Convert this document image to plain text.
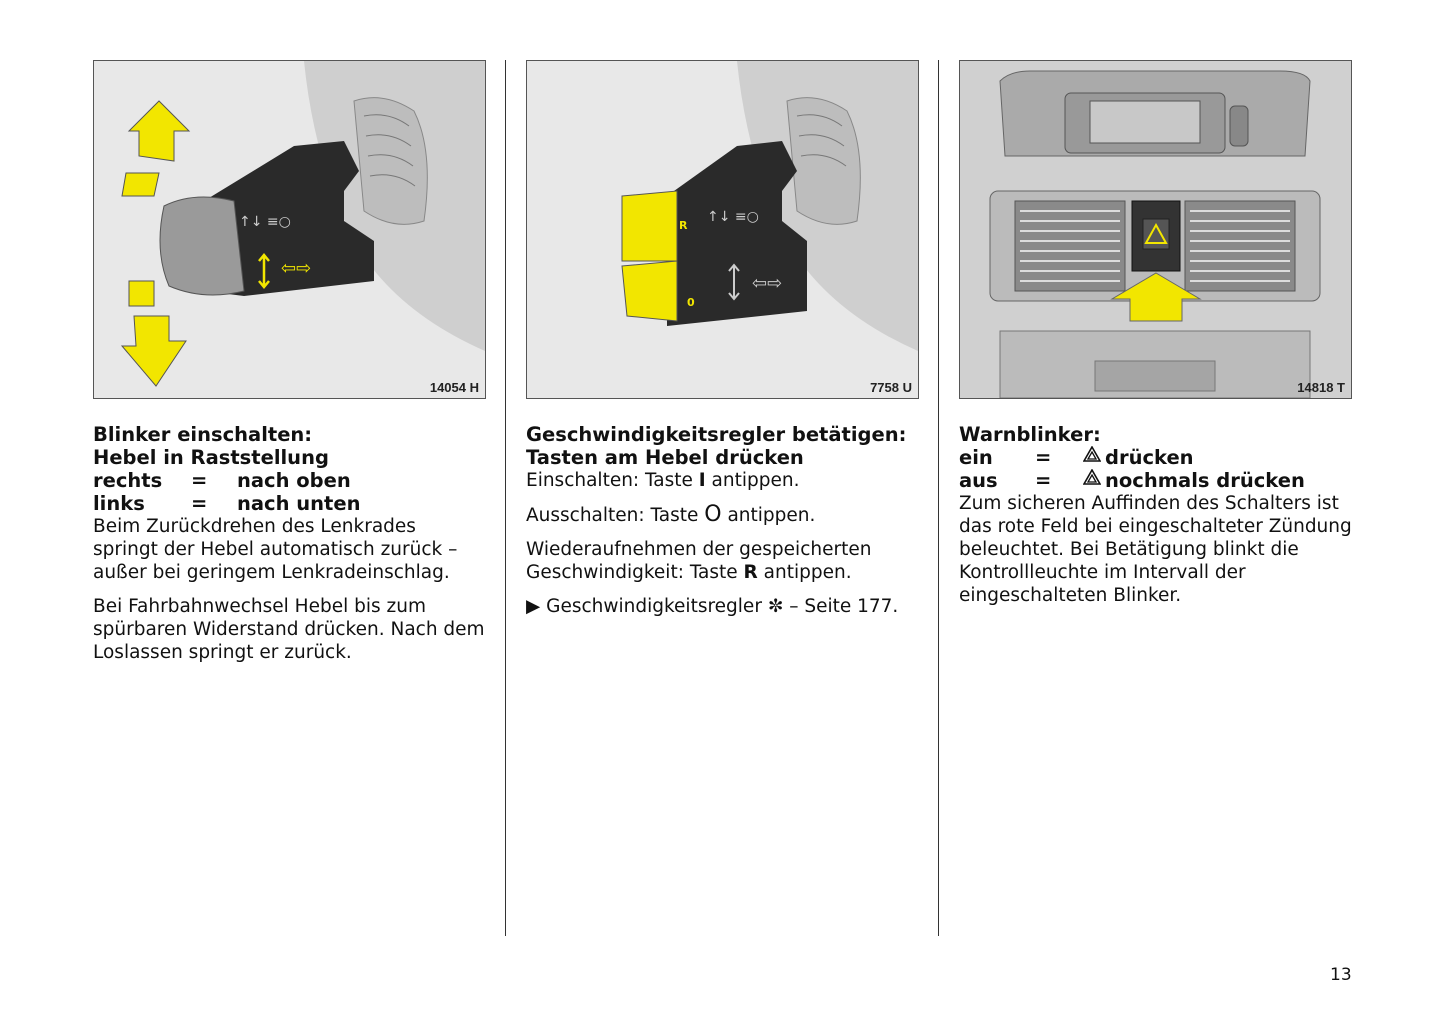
↑↓ ≡○
⇦⇨
14054 H

Blinker einschalten:

Hebel in Raststellung

rechts	=	nach oben
links	=	nach unten

Beim Zurückdrehen des Lenkrades springt der Hebel automatisch zurück – außer bei geringem Lenkradeinschlag.

Bei Fahrbahnwechsel Hebel bis zum spürbaren Widerstand drücken. Nach dem Loslassen springt er zurück.

I
R
0
↑↓ ≡○
⇦⇨
7758 U

Geschwindigkeitsregler betätigen:

Tasten am Hebel drücken

Einschalten: Taste I antippen.

Ausschalten: Taste O antippen.

Wiederaufnehmen der gespeicherten
Geschwindigkeit: Taste R antippen.

▶ Geschwindigkeitsregler ✼ – Seite 177.

14818 T

Warnblinker:

ein	=	drücken
aus	=	nochmals drücken

Zum sicheren Auffinden des Schalters ist das rote Feld bei eingeschalteter Zündung beleuchtet. Bei Betätigung blinkt die Kontrollleuchte im Intervall der eingeschalteten Blinker.

13
